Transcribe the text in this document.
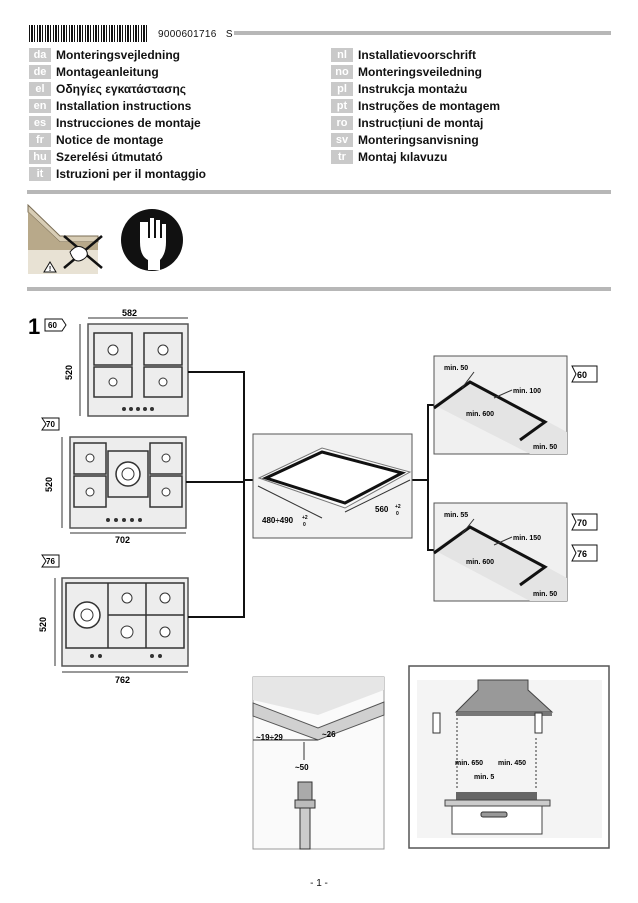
9000601716 S
da Monteringsvejledning
de Montageanleitung
el Οδηγίες εγκατάστασης
en Installation instructions
es Instrucciones de montaje
fr	Notice de montage
hu Szerelési útmutató
it	Istruzioni per il montaggio
nl Installatievoorschrift
no Monteringsveiledning
pl Instrukcja montażu
pt Instruções de montagem
ro Instrucțiuni de montaj
sv Monteringsanvisning
tr	Montaj kılavuzu
!
1 60
70
76
582
520
702
520
762
520
480÷490 +2
0
560 +2
0
min. 50
min. 100
min. 600
min. 50
60
min. 55
min. 150
min. 600
min. 50
70
76
~19÷29	~26
~50	min. 650 min. 450
min. 5
- 1 -
